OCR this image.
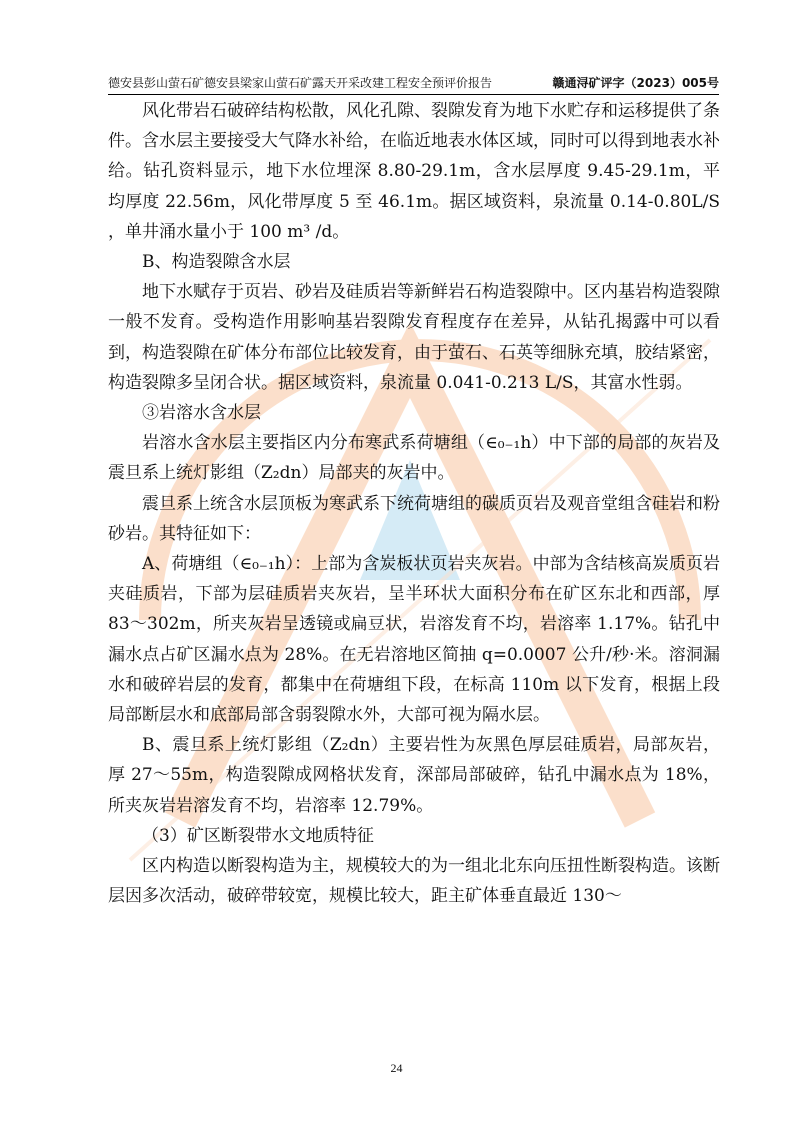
德安县彭山萤石矿德安县梁家山萤石矿露天开采改建工程安全预评价报告	赣通浔矿评字（2023）005号

风化带岩石破碎结构松散，风化孔隙、裂隙发育为地下水贮存和运移提供了条件。含水层主要接受大气降水补给，在临近地表水体区域，同时可以得到地表水补给。钻孔资料显示，地下水位埋深 8.80-29.1m，含水层厚度 9.45-29.1m，平均厚度 22.56m，风化带厚度 5 至 46.1m。据区域资料，泉流量 0.14-0.80L/S ，单井涌水量小于 100 m³ /d。

B、构造裂隙含水层

地下水赋存于页岩、砂岩及硅质岩等新鲜岩石构造裂隙中。区内基岩构造裂隙一般不发育。受构造作用影响基岩裂隙发育程度存在差异，从钻孔揭露中可以看到，构造裂隙在矿体分布部位比较发育，由于萤石、石英等细脉充填，胶结紧密，构造裂隙多呈闭合状。据区域资料，泉流量 0.041-0.213 L/S，其富水性弱。

③岩溶水含水层

岩溶水含水层主要指区内分布寒武系荷塘组（∈₀₋₁h）中下部的局部的灰岩及震旦系上统灯影组（Z₂dn）局部夹的灰岩中。

震旦系上统含水层顶板为寒武系下统荷塘组的碳质页岩及观音堂组含硅岩和粉砂岩。其特征如下：

A、荷塘组（∈₀₋₁h）：上部为含炭板状页岩夹灰岩。中部为含结核高炭质页岩夹硅质岩，下部为层硅质岩夹灰岩，呈半环状大面积分布在矿区东北和西部，厚 83～302m，所夹灰岩呈透镜或扁豆状，岩溶发育不均，岩溶率 1.17%。钻孔中漏水点占矿区漏水点为 28%。在无岩溶地区简抽 q=0.0007 公升/秒·米。溶洞漏水和破碎岩层的发育，都集中在荷塘组下段，在标高 110m 以下发育，根据上段局部断层水和底部局部含弱裂隙水外，大部可视为隔水层。

B、震旦系上统灯影组（Z₂dn）主要岩性为灰黑色厚层硅质岩，局部灰岩，厚 27～55m，构造裂隙成网格状发育，深部局部破碎，钻孔中漏水点为 18%，所夹灰岩岩溶发育不均，岩溶率 12.79%。

（3）矿区断裂带水文地质特征

区内构造以断裂构造为主，规模较大的为一组北北东向压扭性断裂构造。该断层因多次活动，破碎带较宽，规模比较大，距主矿体垂直最近 130～

24
